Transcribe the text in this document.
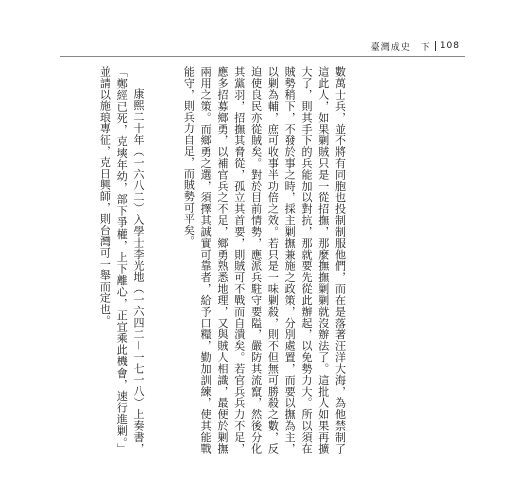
臺灣成史　下 108

數萬士兵，並不將有同胞也投制制服他們，而在是落著汪洋大海，為他禁制了這此人，如果剿賊只是一從招撫，那麼撫撫剿剿就沒辦法了。這批人如果再擴大了，則其手下的兵能加以對抗，那就要先從此辦起，以免勢力大。所以須在賊勢稍下，不發於事之時，採主剿撫兼施之政策，分別處置，而要以撫為主，以剿為輔，庶可收事半功倍之效。若只是一味剿殺，則不但無可勝殺之數，反迫使良民亦從賊矣。對於目前情勢，應派兵駐守要隘，嚴防其流竄，然後分化其黨羽，招撫其脅從，孤立其首要，則賊可不戰而自潰矣。若官兵兵力不足，應多招募鄉勇，以補官兵之不足，鄉勇熟悉地理，又與賊人相識，最便於剿撫兩用之策。而鄉勇之選，須擇其誠實可靠者，給予口糧，勤加訓練，使其能戰能守，則兵力自足，而賊勢可平矣。

康熙二十年（一六八二）入學士李光地（一六四二－一七一八）上奏書，「鄭經已死，克塽年幼，部下爭權，上下離心，正宜乘此機會，速行進剿。」並請以施琅專征，克日興師，則台灣可一舉而定也。
